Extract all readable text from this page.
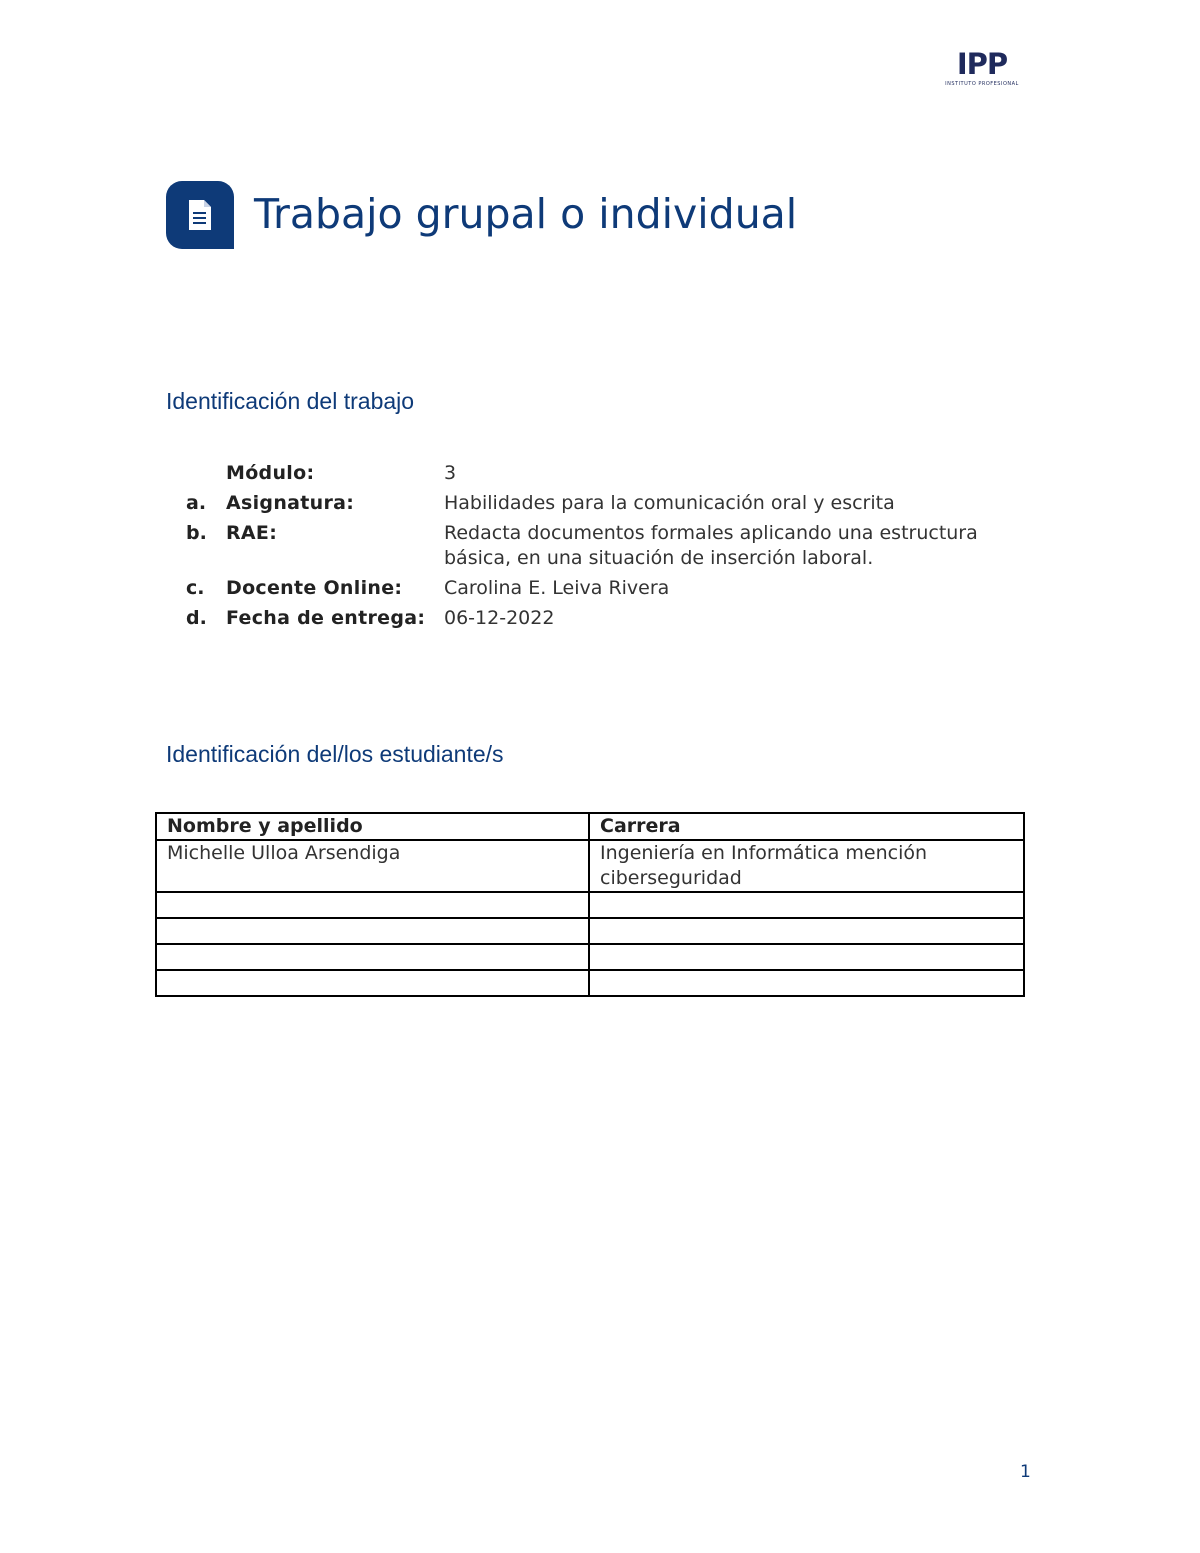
IPP
INSTITUTO PROFESIONAL
Trabajo grupal o individual
Identificación del trabajo
Módulo:	3
a.	Asignatura:	Habilidades para la comunicación oral y escrita
b.	RAE:	Redacta documentos formales aplicando una estructura básica, en una situación de inserción laboral.
c.	Docente Online:	Carolina E. Leiva Rivera
d.	Fecha de entrega: 06-12-2022
Identificación del/los estudiante/s
Nombre y apellido	Carrera
Michelle Ulloa Arsendiga	Ingeniería en Informática mención ciberseguridad

1
